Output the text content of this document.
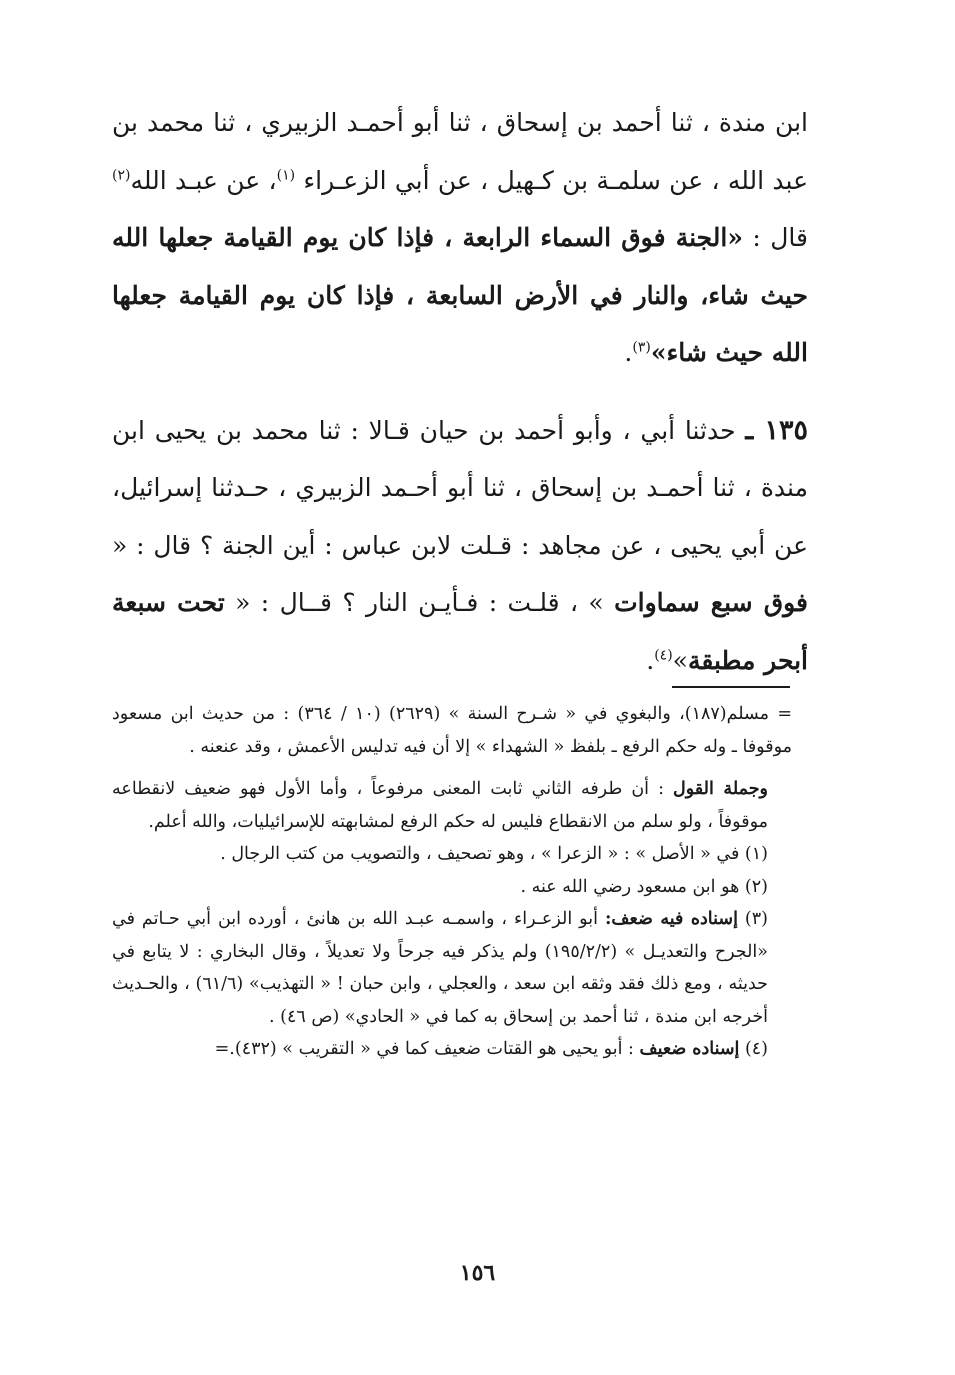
ابن مندة ، ثنا أحمد بن إسحاق ، ثنا أبو أحمـد الزبيري ، ثنا محمد بن عبد الله ، عن سلمـة بن كـهيل ، عن أبي الزعـراء $^{(١)}$، عن عبـد الله$^{(٢)}$ قال : «الجنة فوق السماء الرابعة ، فإذا كان يوم القيامة جعلها الله حيث شاء، والنار في الأرض السابعة ، فإذا كان يوم القيامة جعلها الله حيث شاء»$^{(٣)}$.

١٣٥ ـ حدثنا أبي ، وأبو أحمد بن حيان قـالا : ثنا محمد بن يحيى ابن مندة ، ثنا أحمـد بن إسحاق ، ثنا أبو أحـمد الزبيري ، حـدثنا إسرائيل، عن أبي يحيى ، عن مجاهد : قـلت لابن عباس : أين الجنة ؟ قال : « فوق سبع سماوات » ، قلـت : فـأيـن النار ؟ قــال : « تحت سبعة أبحر مطبقة»$^{(٤)}$.

= مسلم(١٨٧)، والبغوي في « شـرح السنة » (٢٦٢٩) (١٠ / ٣٦٤) : من حديث ابن مسعود موقوفا ـ وله حكم الرفع ـ بلفظ « الشهداء » إلا أن فيه تدليس الأعمش ، وقد عنعنه .

وجملة القول : أن طرفه الثاني ثابت المعنى مرفوعاً ، وأما الأول فهو ضعيف لانقطاعه موقوفاً ، ولو سلم من الانقطاع فليس له حكم الرفع لمشابهته للإسرائيليات، والله أعلم.

(١) في « الأصل » : « الزعرا » ، وهو تصحيف ، والتصويب من كتب الرجال .

(٢) هو ابن مسعود رضي الله عنه .

(٣) إسناده فيه ضعف: أبو الزعـراء ، واسمـه عبـد الله بن هانئ ، أورده ابن أبي حـاتم في «الجرح والتعديـل » (١٩٥/٢/٢) ولم يذكر فيه جرحاً ولا تعديلاً ، وقال البخاري : لا يتابع في حديثه ، ومع ذلك فقد وثقه ابن سعد ، والعجلي ، وابن حبان ! « التهذيب» (٦١/٦) ، والحـديث أخرجه ابن مندة ، ثنا أحمد بن إسحاق به كما في « الحادي» (ص ٤٦) .

(٤) إسناده ضعيف : أبو يحيى هو القتات ضعيف كما في « التقريب » (٤٣٢).=

١٥٦
